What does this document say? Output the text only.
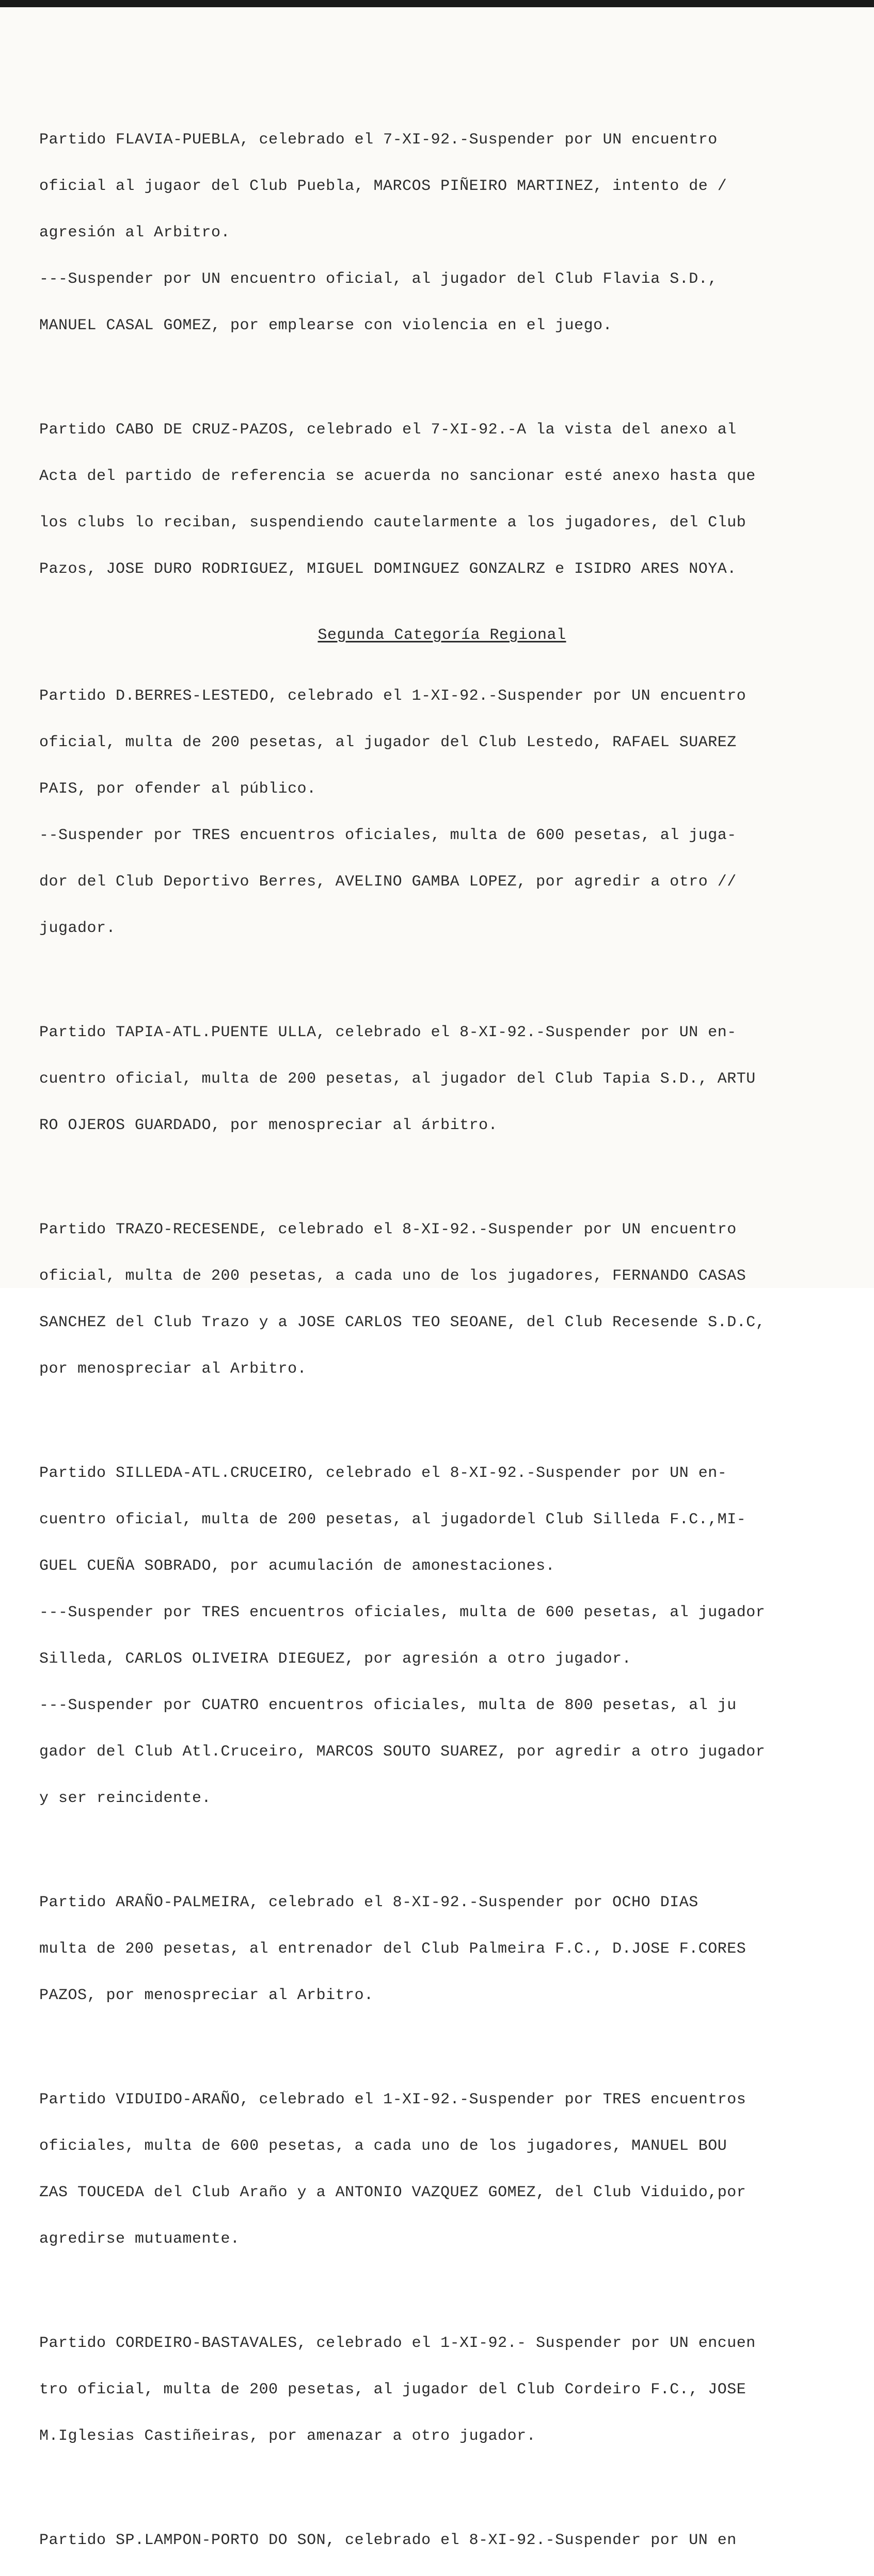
Partido FLAVIA-PUEBLA, celebrado el 7-XI-92.-Suspender por UN encuentro

oficial al jugaor del Club Puebla, MARCOS PIÑEIRO MARTINEZ, intento de /

agresión al Arbitro.

---Suspender por UN encuentro oficial, al jugador del Club Flavia S.D.,

MANUEL CASAL GOMEZ, por emplearse con violencia en el juego.

Partido CABO DE CRUZ-PAZOS, celebrado el 7-XI-92.-A la vista del anexo al

Acta del partido de referencia se acuerda no sancionar esté anexo hasta que

los clubs lo reciban, suspendiendo cautelarmente a los jugadores, del Club

Pazos, JOSE DURO RODRIGUEZ, MIGUEL DOMINGUEZ GONZALRZ e ISIDRO ARES NOYA.

Segunda Categoría Regional

Partido D.BERRES-LESTEDO, celebrado el 1-XI-92.-Suspender por UN encuentro

oficial, multa de 200 pesetas, al jugador del Club Lestedo, RAFAEL SUAREZ

PAIS, por ofender al público.

--Suspender por TRES encuentros oficiales, multa de 600 pesetas, al juga-

dor del Club Deportivo Berres, AVELINO GAMBA LOPEZ, por agredir a otro //

jugador.

Partido TAPIA-ATL.PUENTE ULLA, celebrado el 8-XI-92.-Suspender por UN en-

cuentro oficial, multa de 200 pesetas, al jugador del Club Tapia S.D., ARTU

RO OJEROS GUARDADO, por menospreciar al árbitro.

Partido TRAZO-RECESENDE, celebrado el 8-XI-92.-Suspender por UN encuentro

oficial, multa de 200 pesetas, a cada uno de los jugadores, FERNANDO CASAS

SANCHEZ del Club Trazo y a JOSE CARLOS TEO SEOANE, del Club Recesende S.D.C,

por menospreciar al Arbitro.

Partido SILLEDA-ATL.CRUCEIRO, celebrado el 8-XI-92.-Suspender por UN en-

cuentro oficial, multa de 200 pesetas, al jugadordel Club Silleda F.C.,MI-

GUEL CUEÑA SOBRADO, por acumulación de amonestaciones.

---Suspender por TRES encuentros oficiales, multa de 600 pesetas, al jugador

Silleda, CARLOS OLIVEIRA DIEGUEZ, por agresión a otro jugador.

---Suspender por CUATRO encuentros oficiales, multa de 800 pesetas, al ju

gador del Club Atl.Cruceiro, MARCOS SOUTO SUAREZ, por agredir a otro jugador

y ser reincidente.

Partido ARAÑO-PALMEIRA, celebrado el 8-XI-92.-Suspender por OCHO DIAS

multa de 200 pesetas, al entrenador del Club Palmeira F.C., D.JOSE F.CORES

PAZOS, por menospreciar al Arbitro.

Partido VIDUIDO-ARAÑO, celebrado el 1-XI-92.-Suspender por TRES encuentros

oficiales, multa de 600 pesetas, a cada uno de los jugadores, MANUEL BOU

ZAS TOUCEDA del Club Araño y a ANTONIO VAZQUEZ GOMEZ, del Club Viduido,por

agredirse mutuamente.

Partido CORDEIRO-BASTAVALES, celebrado el 1-XI-92.- Suspender por UN encuen

tro oficial, multa de 200 pesetas, al jugador del Club Cordeiro F.C., JOSE

M.Iglesias Castiñeiras, por amenazar a otro jugador.

Partido SP.LAMPON-PORTO DO SON, celebrado el 8-XI-92.-Suspender por UN en
